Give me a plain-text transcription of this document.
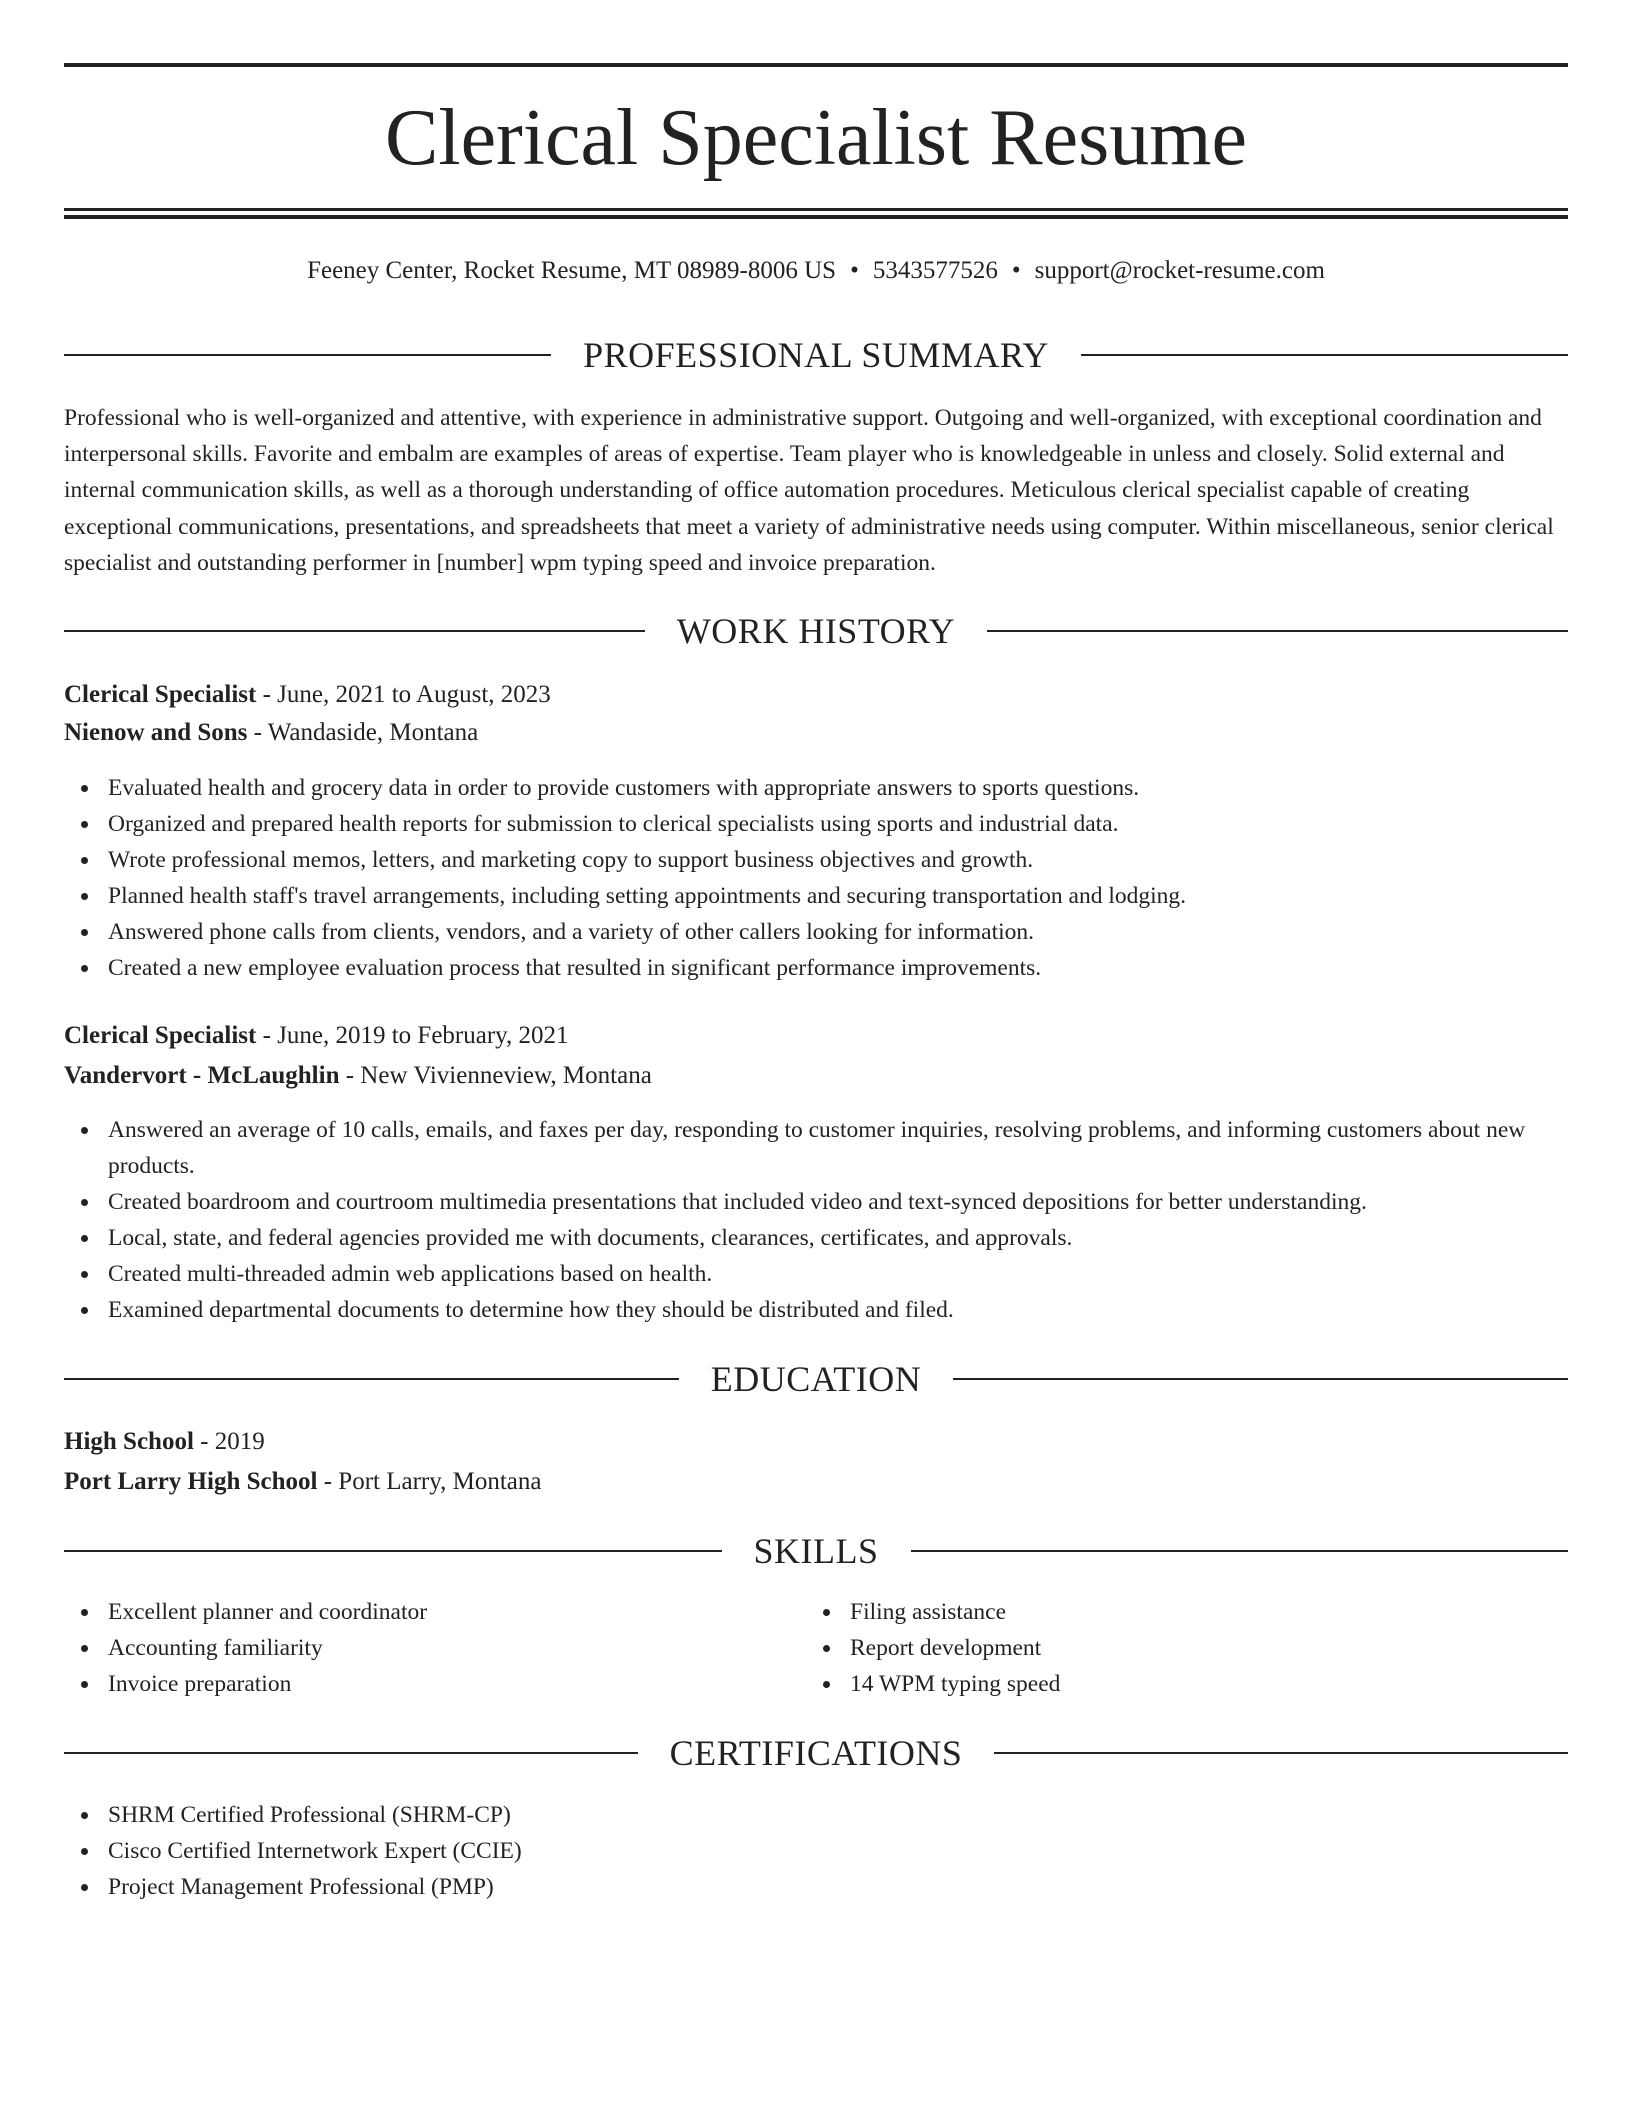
Clerical Specialist Resume
Feeney Center, Rocket Resume, MT 08989-8006 US • 5343577526 • support@rocket-resume.com
PROFESSIONAL SUMMARY

Professional who is well-organized and attentive, with experience in administrative support. Outgoing and well-organized, with exceptional coordination and interpersonal skills. Favorite and embalm are examples of areas of expertise. Team player who is knowledgeable in unless and closely. Solid external and internal communication skills, as well as a thorough understanding of office automation procedures. Meticulous clerical specialist capable of creating exceptional communications, presentations, and spreadsheets that meet a variety of administrative needs using computer. Within miscellaneous, senior clerical specialist and outstanding performer in [number] wpm typing speed and invoice preparation.

WORK HISTORY
Clerical Specialist - June, 2021 to August, 2023
Nienow and Sons - Wandaside, Montana
Evaluated health and grocery data in order to provide customers with appropriate answers to sports questions.
Organized and prepared health reports for submission to clerical specialists using sports and industrial data.
Wrote professional memos, letters, and marketing copy to support business objectives and growth.
Planned health staff's travel arrangements, including setting appointments and securing transportation and lodging.
Answered phone calls from clients, vendors, and a variety of other callers looking for information.
Created a new employee evaluation process that resulted in significant performance improvements.
Clerical Specialist - June, 2019 to February, 2021
Vandervort - McLaughlin - New Vivienneview, Montana
Answered an average of 10 calls, emails, and faxes per day, responding to customer inquiries, resolving problems, and informing customers about new products.
Created boardroom and courtroom multimedia presentations that included video and text-synced depositions for better understanding.
Local, state, and federal agencies provided me with documents, clearances, certificates, and approvals.
Created multi-threaded admin web applications based on health.
Examined departmental documents to determine how they should be distributed and filed.
EDUCATION
High School - 2019
Port Larry High School - Port Larry, Montana
SKILLS
Excellent planner and coordinator
Accounting familiarity
Invoice preparation
Filing assistance
Report development
14 WPM typing speed
CERTIFICATIONS
SHRM Certified Professional (SHRM-CP)
Cisco Certified Internetwork Expert (CCIE)
Project Management Professional (PMP)
